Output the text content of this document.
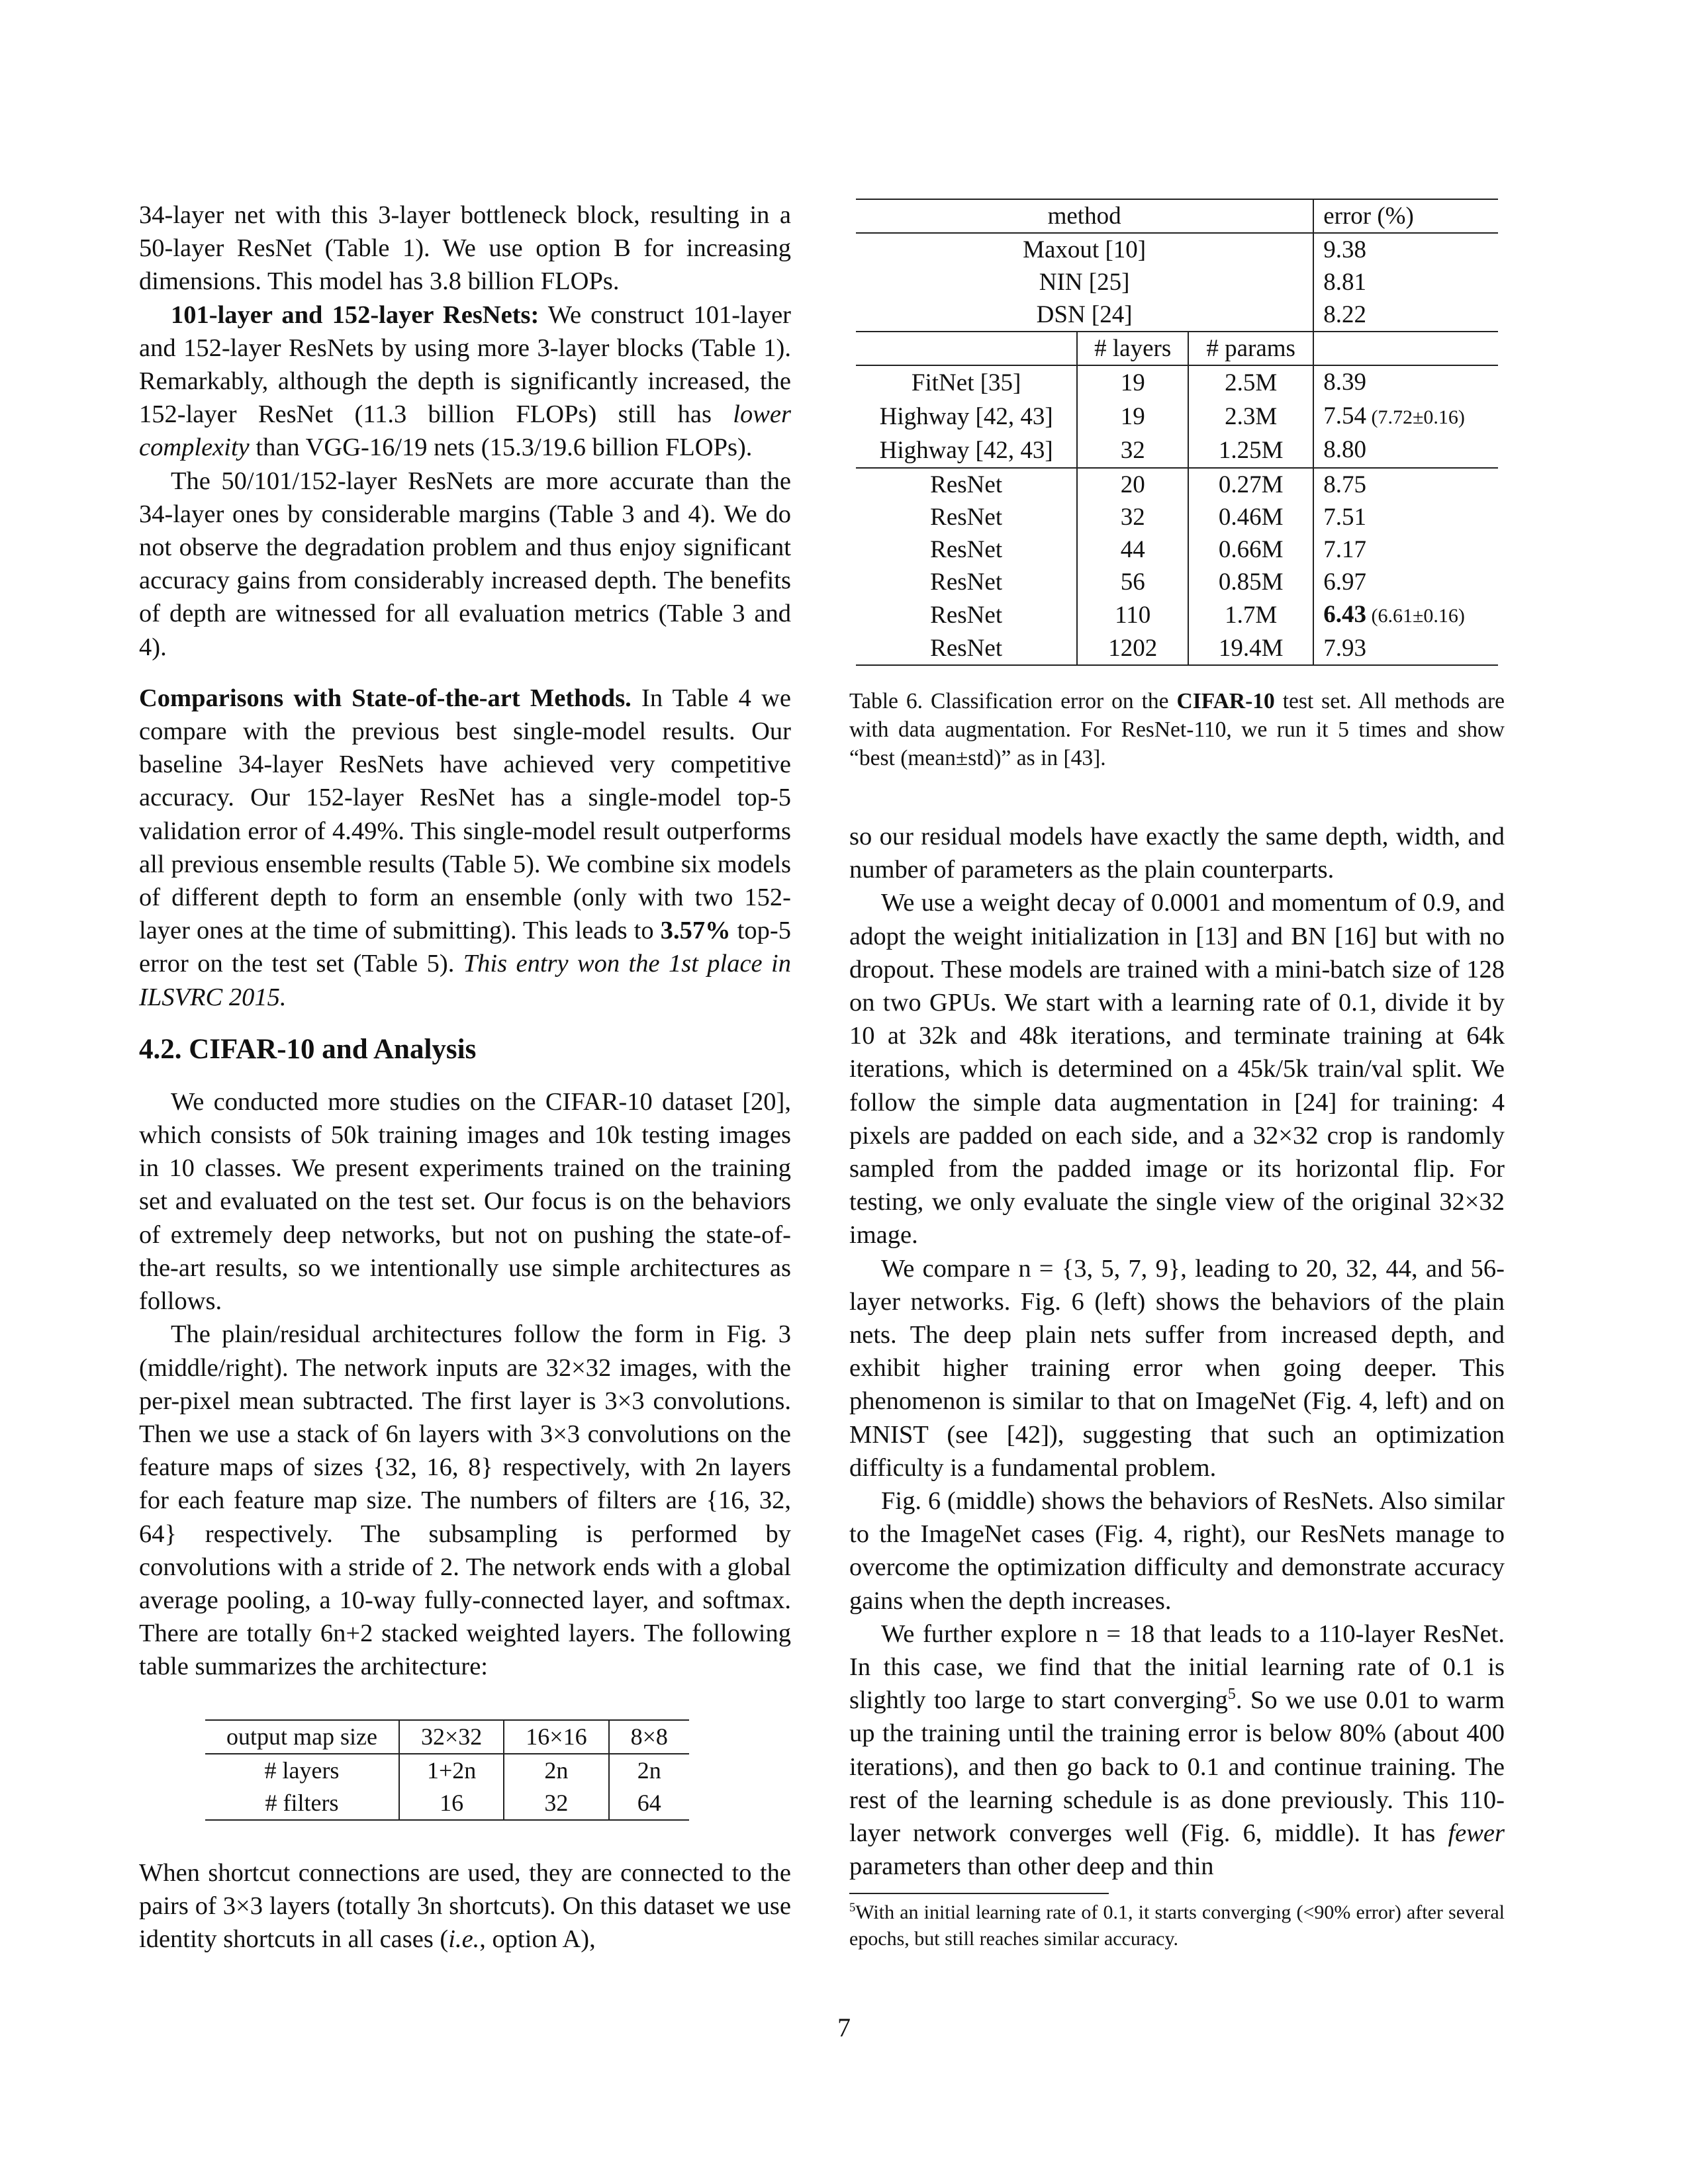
34-layer net with this 3-layer bottleneck block, resulting in a 50-layer ResNet (Table 1). We use option B for increasing dimensions. This model has 3.8 billion FLOPs.

101-layer and 152-layer ResNets: We construct 101-layer and 152-layer ResNets by using more 3-layer blocks (Table 1). Remarkably, although the depth is significantly increased, the 152-layer ResNet (11.3 billion FLOPs) still has lower complexity than VGG-16/19 nets (15.3/19.6 billion FLOPs).

The 50/101/152-layer ResNets are more accurate than the 34-layer ones by considerable margins (Table 3 and 4). We do not observe the degradation problem and thus enjoy significant accuracy gains from considerably increased depth. The benefits of depth are witnessed for all evaluation metrics (Table 3 and 4).

Comparisons with State-of-the-art Methods. In Table 4 we compare with the previous best single-model results. Our baseline 34-layer ResNets have achieved very competitive accuracy. Our 152-layer ResNet has a single-model top-5 validation error of 4.49%. This single-model result outperforms all previous ensemble results (Table 5). We combine six models of different depth to form an ensemble (only with two 152-layer ones at the time of submitting). This leads to 3.57% top-5 error on the test set (Table 5). This entry won the 1st place in ILSVRC 2015.

4.2. CIFAR-10 and Analysis

We conducted more studies on the CIFAR-10 dataset [20], which consists of 50k training images and 10k testing images in 10 classes. We present experiments trained on the training set and evaluated on the test set. Our focus is on the behaviors of extremely deep networks, but not on pushing the state-of-the-art results, so we intentionally use simple architectures as follows.

The plain/residual architectures follow the form in Fig. 3 (middle/right). The network inputs are 32×32 images, with the per-pixel mean subtracted. The first layer is 3×3 convolutions. Then we use a stack of 6n layers with 3×3 convolutions on the feature maps of sizes {32, 16, 8} respectively, with 2n layers for each feature map size. The numbers of filters are {16, 32, 64} respectively. The subsampling is performed by convolutions with a stride of 2. The network ends with a global average pooling, a 10-way fully-connected layer, and softmax. There are totally 6n+2 stacked weighted layers. The following table summarizes the architecture:

output map size	32×32	16×16	8×8
# layers	1+2n	2n	2n
# filters	16	32	64

When shortcut connections are used, they are connected to the pairs of 3×3 layers (totally 3n shortcuts). On this dataset we use identity shortcuts in all cases (i.e., option A),

method			error (%)
Maxout [10]			9.38
NIN [25]			8.81
DSN [24]			8.22
	# layers	# params	
FitNet [35]	19	2.5M	8.39
Highway [42, 43]	19	2.3M	7.54 (7.72±0.16)
Highway [42, 43]	32	1.25M	8.80
ResNet	20	0.27M	8.75
ResNet	32	0.46M	7.51
ResNet	44	0.66M	7.17
ResNet	56	0.85M	6.97
ResNet	110	1.7M	6.43 (6.61±0.16)
ResNet	1202	19.4M	7.93

Table 6. Classification error on the CIFAR-10 test set. All methods are with data augmentation. For ResNet-110, we run it 5 times and show “best (mean±std)” as in [43].

so our residual models have exactly the same depth, width, and number of parameters as the plain counterparts.

We use a weight decay of 0.0001 and momentum of 0.9, and adopt the weight initialization in [13] and BN [16] but with no dropout. These models are trained with a mini-batch size of 128 on two GPUs. We start with a learning rate of 0.1, divide it by 10 at 32k and 48k iterations, and terminate training at 64k iterations, which is determined on a 45k/5k train/val split. We follow the simple data augmentation in [24] for training: 4 pixels are padded on each side, and a 32×32 crop is randomly sampled from the padded image or its horizontal flip. For testing, we only evaluate the single view of the original 32×32 image.

We compare n = {3, 5, 7, 9}, leading to 20, 32, 44, and 56-layer networks. Fig. 6 (left) shows the behaviors of the plain nets. The deep plain nets suffer from increased depth, and exhibit higher training error when going deeper. This phenomenon is similar to that on ImageNet (Fig. 4, left) and on MNIST (see [42]), suggesting that such an optimization difficulty is a fundamental problem.

Fig. 6 (middle) shows the behaviors of ResNets. Also similar to the ImageNet cases (Fig. 4, right), our ResNets manage to overcome the optimization difficulty and demonstrate accuracy gains when the depth increases.

We further explore n = 18 that leads to a 110-layer ResNet. In this case, we find that the initial learning rate of 0.1 is slightly too large to start converging$^5$. So we use 0.01 to warm up the training until the training error is below 80% (about 400 iterations), and then go back to 0.1 and continue training. The rest of the learning schedule is as done previously. This 110-layer network converges well (Fig. 6, middle). It has fewer parameters than other deep and thin

$^5$With an initial learning rate of 0.1, it starts converging (<90% error) after several epochs, but still reaches similar accuracy.

7
